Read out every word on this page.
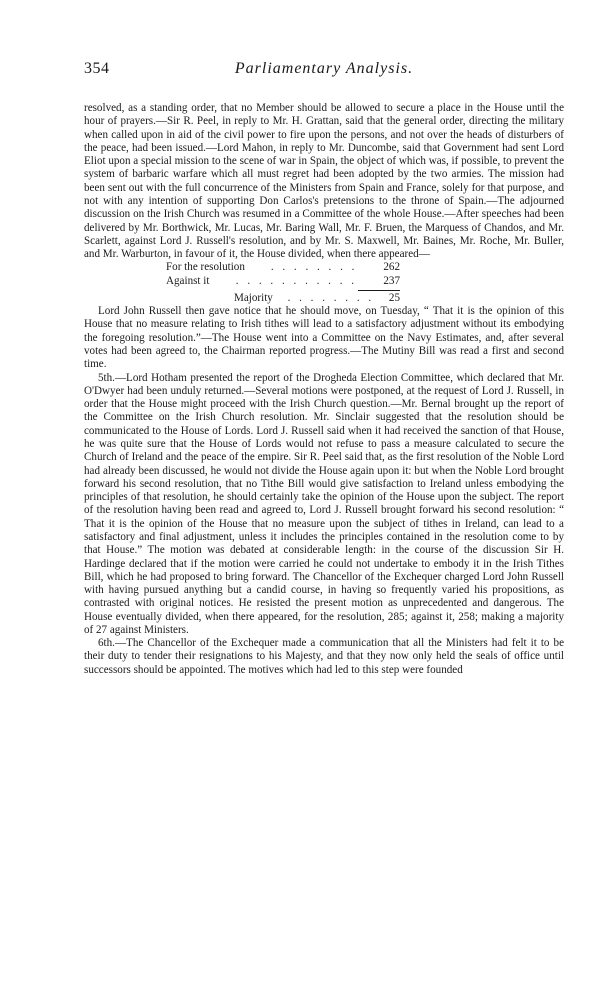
354	Parliamentary Analysis.

resolved, as a standing order, that no Member should be allowed to secure a place in the House until the hour of prayers.—Sir R. Peel, in reply to Mr. H. Grattan, said that the general order, directing the military when called upon in aid of the civil power to fire upon the persons, and not over the heads of disturbers of the peace, had been issued.—Lord Mahon, in reply to Mr. Duncombe, said that Government had sent Lord Eliot upon a special mission to the scene of war in Spain, the object of which was, if possible, to prevent the system of barbaric warfare which all must regret had been adopted by the two armies. The mission had been sent out with the full concurrence of the Ministers from Spain and France, solely for that purpose, and not with any intention of supporting Don Carlos's pretensions to the throne of Spain.—The adjourned discussion on the Irish Church was resumed in a Committee of the whole House.—After speeches had been delivered by Mr. Borthwick, Mr. Lucas, Mr. Baring Wall, Mr. F. Bruen, the Marquess of Chandos, and Mr. Scarlett, against Lord J. Russell's resolution, and by Mr. S. Maxwell, Mr. Baines, Mr. Roche, Mr. Buller, and Mr. Warburton, in favour of it, the House divided, when there appeared—

For the resolution . . . . . . . . 262
Against it . . . . . . . . . . . 237
Majority . . . . . . . . 25

Lord John Russell then gave notice that he should move, on Tuesday, “ That it is the opinion of this House that no measure relating to Irish tithes will lead to a satisfactory adjustment without its embodying the foregoing resolution.”—The House went into a Committee on the Navy Estimates, and, after several votes had been agreed to, the Chairman reported progress.—The Mutiny Bill was read a first and second time.

5th.—Lord Hotham presented the report of the Drogheda Election Committee, which declared that Mr. O'Dwyer had been unduly returned.—Several motions were postponed, at the request of Lord J. Russell, in order that the House might proceed with the Irish Church question.—Mr. Bernal brought up the report of the Committee on the Irish Church resolution. Mr. Sinclair suggested that the resolution should be communicated to the House of Lords. Lord J. Russell said when it had received the sanction of that House, he was quite sure that the House of Lords would not refuse to pass a measure calculated to secure the Church of Ireland and the peace of the empire. Sir R. Peel said that, as the first resolution of the Noble Lord had already been discussed, he would not divide the House again upon it: but when the Noble Lord brought forward his second resolution, that no Tithe Bill would give satisfaction to Ireland unless embodying the principles of that resolution, he should certainly take the opinion of the House upon the subject. The report of the resolution having been read and agreed to, Lord J. Russell brought forward his second resolution: “ That it is the opinion of the House that no measure upon the subject of tithes in Ireland, can lead to a satisfactory and final adjustment, unless it includes the principles contained in the resolution come to by that House.” The motion was debated at considerable length: in the course of the discussion Sir H. Hardinge declared that if the motion were carried he could not undertake to embody it in the Irish Tithes Bill, which he had proposed to bring forward. The Chancellor of the Exchequer charged Lord John Russell with having pursued anything but a candid course, in having so frequently varied his propositions, as contrasted with original notices. He resisted the present motion as unprecedented and dangerous. The House eventually divided, when there appeared, for the resolution, 285; against it, 258; making a majority of 27 against Ministers.

6th.—The Chancellor of the Exchequer made a communication that all the Ministers had felt it to be their duty to tender their resignations to his Majesty, and that they now only held the seals of office until successors should be appointed. The motives which had led to this step were founded
